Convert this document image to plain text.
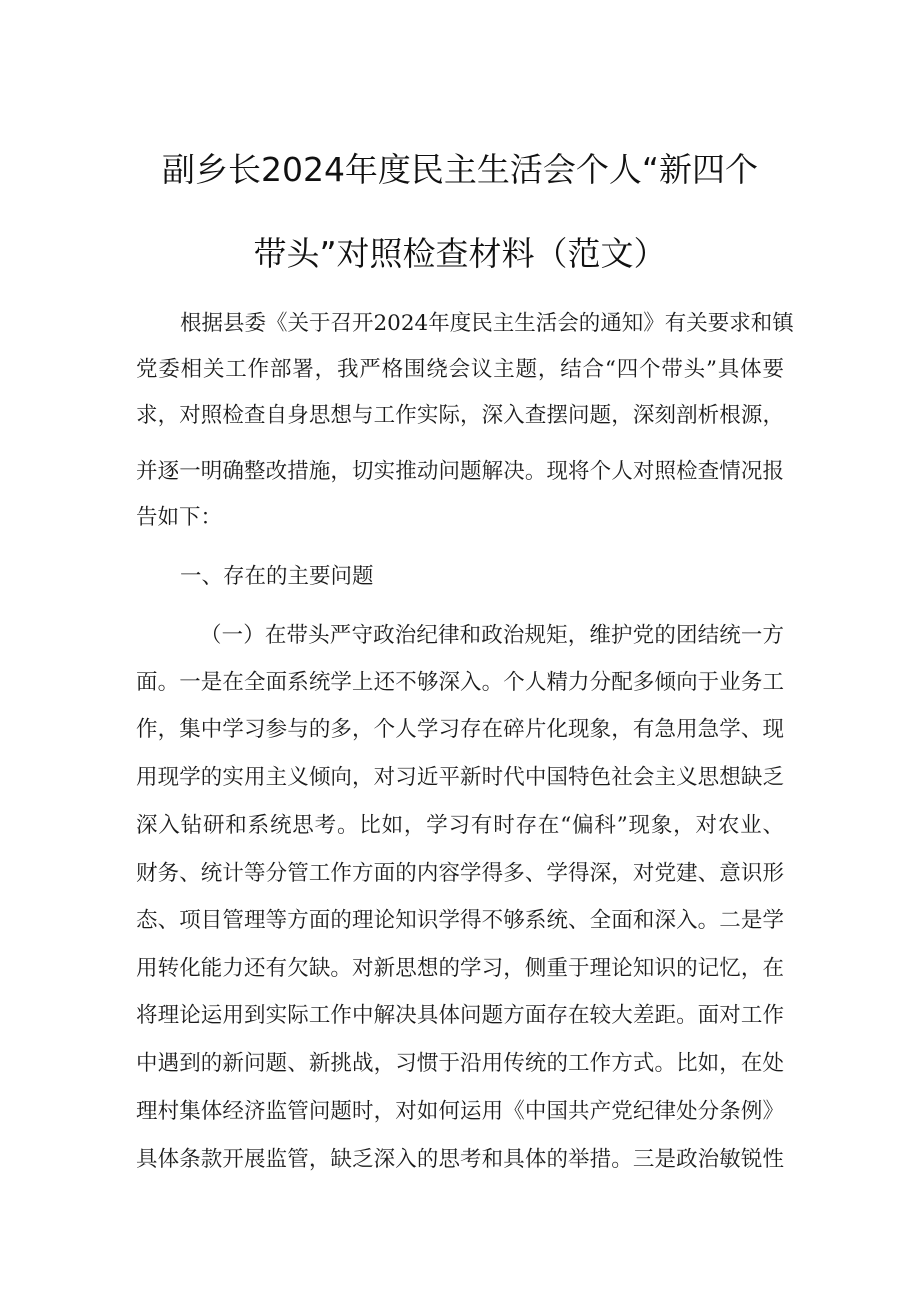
副乡长2024年度民主生活会个人“新四个
带头”对照检查材料（范文）
根据县委《关于召开2024年度民主生活会的通知》有关要求和镇
党委相关工作部署，我严格围绕会议主题，结合“四个带头”具体要
求，对照检查自身思想与工作实际，深入查摆问题，深刻剖析根源，
并逐一明确整改措施，切实推动问题解决。现将个人对照检查情况报
告如下：
一、存在的主要问题
（一）在带头严守政治纪律和政治规矩，维护党的团结统一方
面。一是在全面系统学上还不够深入。个人精力分配多倾向于业务工
作，集中学习参与的多，个人学习存在碎片化现象，有急用急学、现
用现学的实用主义倾向，对习近平新时代中国特色社会主义思想缺乏
深入钻研和系统思考。比如，学习有时存在“偏科”现象，对农业、
财务、统计等分管工作方面的内容学得多、学得深，对党建、意识形
态、项目管理等方面的理论知识学得不够系统、全面和深入。二是学
用转化能力还有欠缺。对新思想的学习，侧重于理论知识的记忆，在
将理论运用到实际工作中解决具体问题方面存在较大差距。面对工作
中遇到的新问题、新挑战，习惯于沿用传统的工作方式。比如，在处
理村集体经济监管问题时，对如何运用《中国共产党纪律处分条例》
具体条款开展监管，缺乏深入的思考和具体的举措。三是政治敏锐性
